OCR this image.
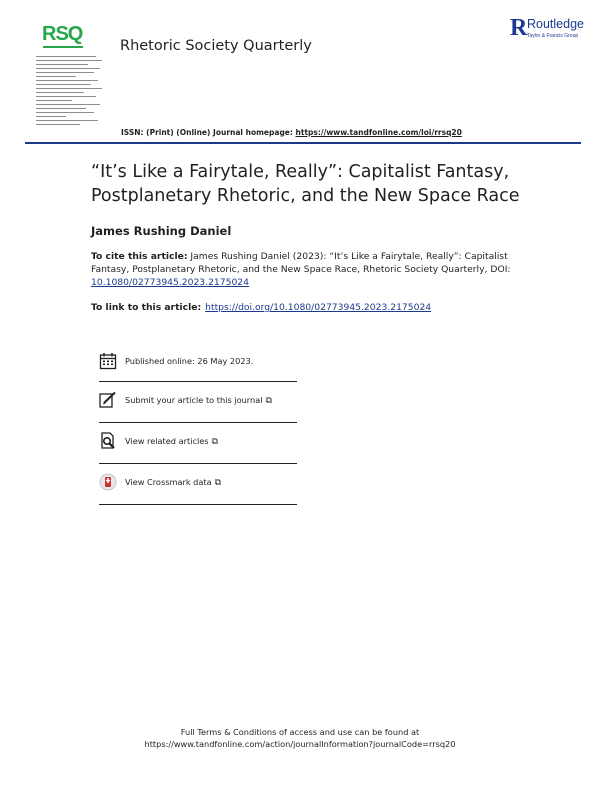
RSQ
Rhetoric Society Quarterly
R Routledge
Taylor & Francis Group
ISSN: (Print) (Online) Journal homepage: https://www.tandfonline.com/loi/rrsq20
“It’s Like a Fairytale, Really”: Capitalist Fantasy, Postplanetary Rhetoric, and the New Space Race
James Rushing Daniel
To cite this article: James Rushing Daniel (2023): “It’s Like a Fairytale, Really”: Capitalist Fantasy, Postplanetary Rhetoric, and the New Space Race, Rhetoric Society Quarterly, DOI: 10.1080/02773945.2023.2175024
To link to this article: https://doi.org/10.1080/02773945.2023.2175024
Published online: 26 May 2023.
Submit your article to this journal ⧉
View related articles ⧉
View Crossmark data ⧉
Full Terms & Conditions of access and use can be found at
https://www.tandfonline.com/action/journalInformation?journalCode=rrsq20
